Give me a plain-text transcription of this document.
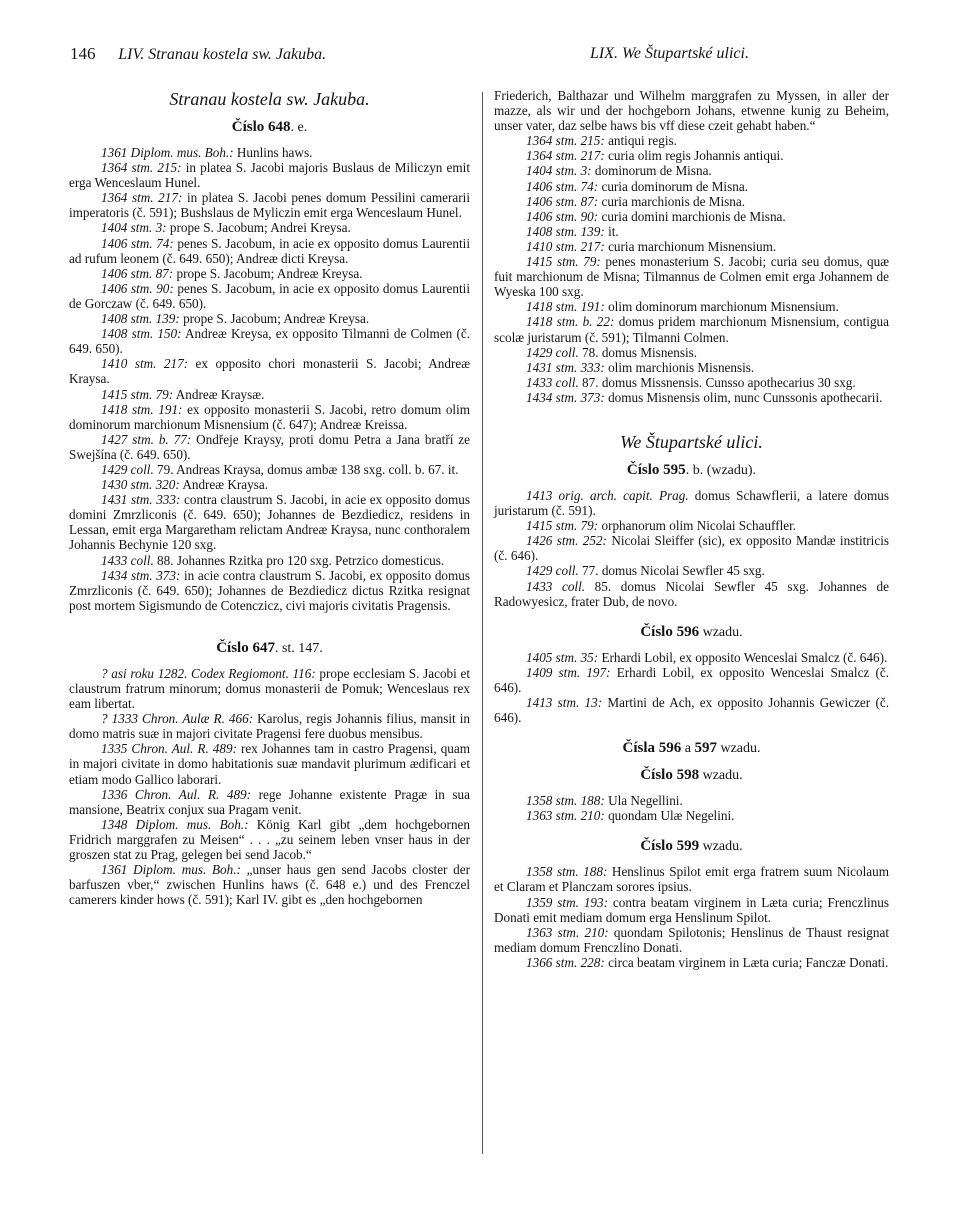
146 LIV. Stranau kostela sw. Jakuba.	LIX. We Štupartské ulici.
Stranau kostela sw. Jakuba.
Číslo 648. e.

1361 Diplom. mus. Boh.: Hunlins haws.

1364 stm. 215: in platea S. Jacobi majoris Buslaus de Miliczyn emit erga Wenceslaum Hunel.

1364 stm. 217: in platea S. Jacobi penes domum Pessilini camerarii imperatoris (č. 591); Bushslaus de Myliczin emit erga Wenceslaum Hunel.

1404 stm. 3: prope S. Jacobum; Andrei Kreysa.

1406 stm. 74: penes S. Jacobum, in acie ex opposito domus Laurentii ad rufum leonem (č. 649. 650); Andreæ dicti Kreysa.

1406 stm. 87: prope S. Jacobum; Andreæ Kreysa.

1406 stm. 90: penes S. Jacobum, in acie ex opposito domus Laurentii de Gorczaw (č. 649. 650).

1408 stm. 139: prope S. Jacobum; Andreæ Kreysa.

1408 stm. 150: Andreæ Kreysa, ex opposito Tilmanni de Colmen (č. 649. 650).

1410 stm. 217: ex opposito chori monasterii S. Jacobi; Andreæ Kraysa.

1415 stm. 79: Andreæ Kraysæ.

1418 stm. 191: ex opposito monasterii S. Jacobi, retro domum olim dominorum marchionum Misnensium (č. 647); Andreæ Kreissa.

1427 stm. b. 77: Ondřeje Kraysy, proti domu Petra a Jana bratří ze Swejšína (č. 649. 650).

1429 coll. 79. Andreas Kraysa, domus ambæ 138 sxg. coll. b. 67. it.

1430 stm. 320: Andreæ Kraysa.

1431 stm. 333: contra claustrum S. Jacobi, in acie ex opposito domus domini Zmrzliconis (č. 649. 650); Johannes de Bezdiedicz, residens in Lessan, emit erga Margaretham relictam Andreæ Kraysa, nunc conthoralem Johannis Bechynie 120 sxg.

1433 coll. 88. Johannes Rzitka pro 120 sxg. Petrzico domesticus.

1434 stm. 373: in acie contra claustrum S. Jacobi, ex opposito domus Zmrzliconis (č. 649. 650); Johannes de Bezdiedicz dictus Rzitka resignat post mortem Sigismundo de Cotenczicz, civi majoris civitatis Pragensis.

Číslo 647. st. 147.

? asi roku 1282. Codex Regiomont. 116: prope ecclesiam S. Jacobi et claustrum fratrum minorum; domus monasterii de Pomuk; Wenceslaus rex eam libertat.

? 1333 Chron. Aulæ R. 466: Karolus, regis Johannis filius, mansit in domo matris suæ in majori civitate Pragensi fere duobus mensibus.

1335 Chron. Aul. R. 489: rex Johannes tam in castro Pragensi, quam in majori civitate in domo habitationis suæ mandavit plurimum ædificari et etiam modo Gallico laborari.

1336 Chron. Aul. R. 489: rege Johanne existente Pragæ in sua mansione, Beatrix conjux sua Pragam venit.

1348 Diplom. mus. Boh.: König Karl gibt „dem hochgebornen Fridrich marggrafen zu Meisen“ . . . „zu seinem leben vnser haus in der groszen stat zu Prag, gelegen bei send Jacob.“

1361 Diplom. mus. Boh.: „unser haus gen send Jacobs closter der barfuszen vber,“ zwischen Hunlins haws (č. 648 e.) und des Frenczel camerers kinder hows (č. 591); Karl IV. gibt es „den hochgebornen

Friederich, Balthazar und Wilhelm marggrafen zu Myssen, in aller der mazze, als wir und der hochgeborn Johans, etwenne kunig zu Beheim, unser vater, daz selbe haws bis vff diese czeit gehabt haben.“

1364 stm. 215: antiqui regis.

1364 stm. 217: curia olim regis Johannis antiqui.

1404 stm. 3: dominorum de Misna.

1406 stm. 74: curia dominorum de Misna.

1406 stm. 87: curia marchionis de Misna.

1406 stm. 90: curia domini marchionis de Misna.

1408 stm. 139: it.

1410 stm. 217: curia marchionum Misnensium.

1415 stm. 79: penes monasterium S. Jacobi; curia seu domus, quæ fuit marchionum de Misna; Tilmannus de Colmen emit erga Johannem de Wyeska 100 sxg.

1418 stm. 191: olim dominorum marchionum Misnensium.

1418 stm. b. 22: domus pridem marchionum Misnensium, contigua scolæ juristarum (č. 591); Tilmanni Colmen.

1429 coll. 78. domus Misnensis.

1431 stm. 333: olim marchionis Misnensis.

1433 coll. 87. domus Missnensis. Cunsso apothecarius 30 sxg.

1434 stm. 373: domus Misnensis olim, nunc Cunssonis apothecarii.

We Štupartské ulici.
Číslo 595. b. (wzadu).

1413 orig. arch. capit. Prag. domus Schawflerii, a latere domus juristarum (č. 591).

1415 stm. 79: orphanorum olim Nicolai Schauffler.

1426 stm. 252: Nicolai Sleiffer (sic), ex opposito Mandæ institricis (č. 646).

1429 coll. 77. domus Nicolai Sewfler 45 sxg.

1433 coll. 85. domus Nicolai Sewfler 45 sxg. Johannes de Radowyesicz, frater Dub, de novo.

Číslo 596 wzadu.

1405 stm. 35: Erhardi Lobil, ex opposito Wenceslai Smalcz (č. 646).

1409 stm. 197: Erhardi Lobil, ex opposito Wenceslai Smalcz (č. 646).

1413 stm. 13: Martini de Ach, ex opposito Johannis Gewiczer (č. 646).

Čísla 596 a 597 wzadu.
Číslo 598 wzadu.

1358 stm. 188: Ula Negellini.

1363 stm. 210: quondam Ulæ Negelini.

Číslo 599 wzadu.

1358 stm. 188: Henslinus Spilot emit erga fratrem suum Nicolaum et Claram et Planczam sorores ipsius.

1359 stm. 193: contra beatam virginem in Læta curia; Frenczlinus Donati emit mediam domum erga Henslinum Spilot.

1363 stm. 210: quondam Spilotonis; Henslinus de Thaust resignat mediam domum Frenczlino Donati.

1366 stm. 228: circa beatam virginem in Læta curia; Fanczæ Donati.
